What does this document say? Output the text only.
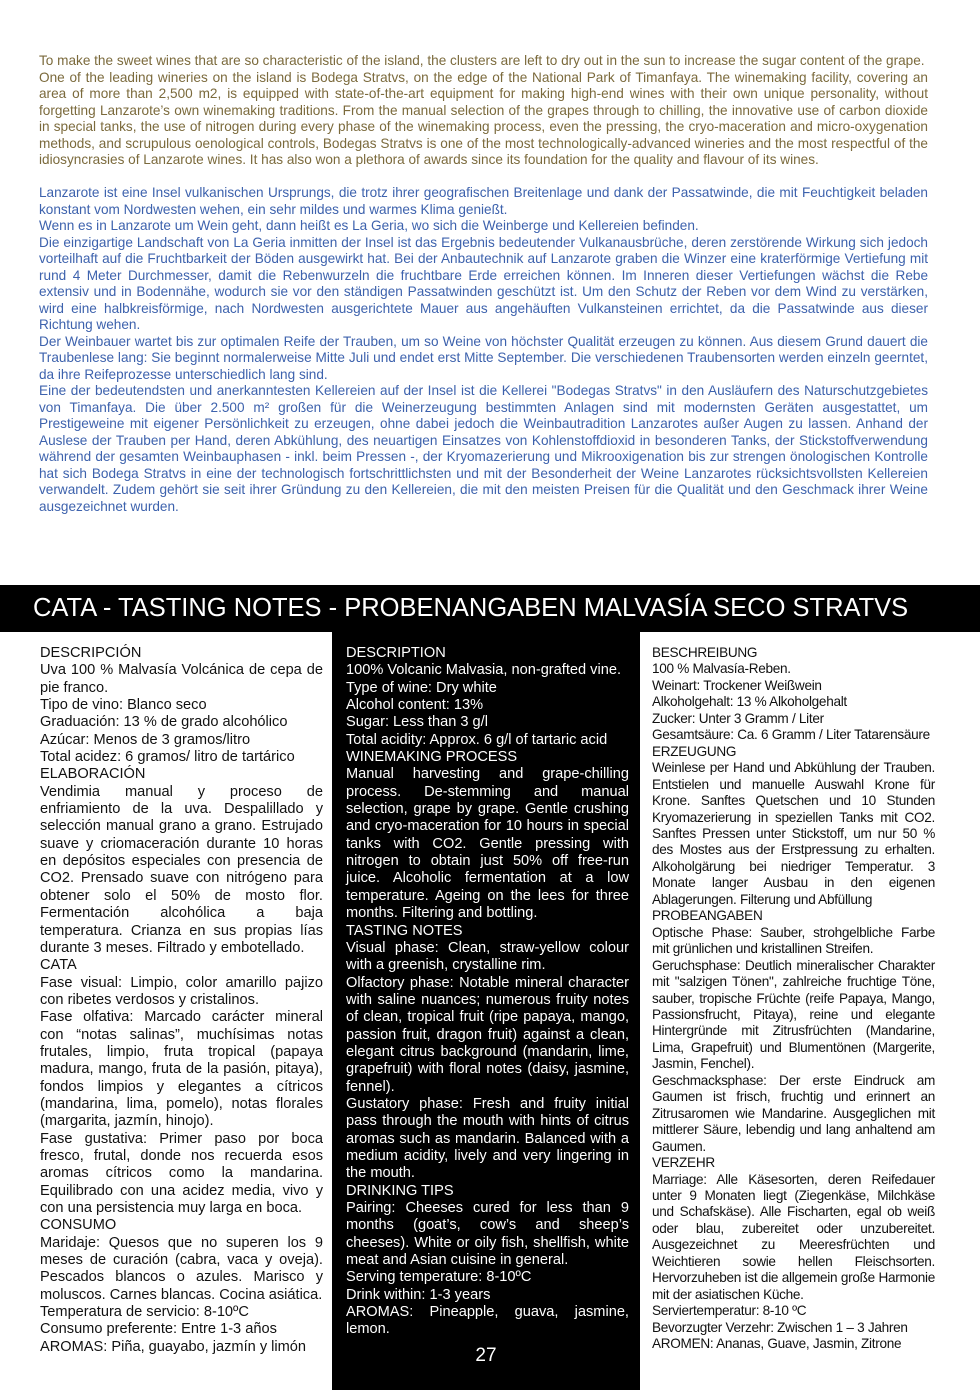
To make the sweet wines that are so characteristic of the island, the clusters are left to dry out in the sun to increase the sugar content of the grape.

One of the leading wineries on the island is Bodega Stratvs, on the edge of the National Park of Timanfaya. The winemaking facility, covering an area of more than 2,500 m2, is equipped with state-of-the-art equipment for making high-end wines with their own unique personality, without forgetting Lanzarote’s own winemaking traditions. From the manual selection of the grapes through to chilling, the innovative use of carbon dioxide in special tanks, the use of nitrogen during every phase of the winemaking process, even the pressing, the cryo-maceration and micro-oxygenation methods, and scrupulous oenological controls, Bodegas Stratvs is one of the most technologically-advanced wineries and the most respectful of the idiosyncrasies of Lanzarote wines. It has also won a plethora of awards since its foundation for the quality and flavour of its wines.

Lanzarote ist eine Insel vulkanischen Ursprungs, die trotz ihrer geografischen Breitenlage und dank der Passatwinde, die mit Feuchtigkeit beladen konstant vom Nordwesten wehen, ein sehr mildes und warmes Klima genießt.

Wenn es in Lanzarote um Wein geht, dann heißt es La Geria, wo sich die Weinberge und Kellereien befinden.

Die einzigartige Landschaft von La Geria inmitten der Insel ist das Ergebnis bedeutender Vulkanausbrüche, deren zerstörende Wirkung sich jedoch vorteilhaft auf die Fruchtbarkeit der Böden ausgewirkt hat. Bei der Anbautechnik auf Lanzarote graben die Winzer eine kraterförmige Vertiefung mit rund 4 Meter Durchmesser, damit die Rebenwurzeln die fruchtbare Erde erreichen können. Im Inneren dieser Vertiefungen wächst die Rebe extensiv und in Bodennähe, wodurch sie vor den ständigen Passatwinden geschützt ist. Um den Schutz der Reben vor dem Wind zu verstärken, wird eine halbkreisförmige, nach Nordwesten ausgerichtete Mauer aus angehäuften Vulkansteinen errichtet, da die Passatwinde aus dieser Richtung wehen.

Der Weinbauer wartet bis zur optimalen Reife der Trauben, um so Weine von höchster Qualität erzeugen zu können. Aus diesem Grund dauert die Traubenlese lang: Sie beginnt normalerweise Mitte Juli und endet erst Mitte September. Die verschiedenen Traubensorten werden einzeln geerntet, da ihre Reifeprozesse unterschiedlich lang sind.

Eine der bedeutendsten und anerkanntesten Kellereien auf der Insel ist die Kellerei "Bodegas Stratvs" in den Ausläufern des Naturschutzgebietes von Timanfaya. Die über 2.500 m² großen für die Weinerzeugung bestimmten Anlagen sind mit modernsten Geräten ausgestattet, um Prestigeweine mit eigener Persönlichkeit zu erzeugen, ohne dabei jedoch die Weinbautradition Lanzarotes außer Augen zu lassen. Anhand der Auslese der Trauben per Hand, deren Abkühlung, des neuartigen Einsatzes von Kohlenstoffdioxid in besonderen Tanks, der Stickstoffverwendung während der gesamten Weinbauphasen - inkl. beim Pressen -, der Kryomazerierung und Mikrooxigenation bis zur strengen önologischen Kontrolle hat sich Bodega Stratvs in eine der technologisch fortschrittlichsten und mit der Besonderheit der Weine Lanzarotes rücksichtsvollsten Kellereien verwandelt. Zudem gehört sie seit ihrer Gründung zu den Kellereien, die mit den meisten Preisen für die Qualität und den Geschmack ihrer Weine ausgezeichnet wurden.

CATA - TASTING NOTES - PROBENANGABEN MALVASÍA SECO STRATVS

DESCRIPCIÓN

Uva 100 % Malvasía Volcánica de cepa de pie franco.

Tipo de vino: Blanco seco

Graduación: 13 % de grado alcohólico

Azúcar: Menos de 3 gramos/litro

Total acidez: 6 gramos/ litro de tartárico

ELABORACIÓN

Vendimia manual y proceso de enfriamiento de la uva. Despalillado y selección manual grano a grano. Estrujado suave y criomaceración durante 10 horas en depósitos especiales con presencia de CO2. Prensado suave con nitrógeno para obtener solo el 50% de mosto flor. Fermentación alcohólica a baja temperatura. Crianza en sus propias lías durante 3 meses. Filtrado y embotellado.

CATA

Fase visual: Limpio, color amarillo pajizo con ribetes verdosos y cristalinos.

Fase olfativa: Marcado carácter mineral con “notas salinas”, muchísimas notas frutales, limpio, fruta tropical (papaya madura, mango, fruta de la pasión, pitaya), fondos limpios y elegantes a cítricos (mandarina, lima, pomelo), notas florales (margarita, jazmín, hinojo).

Fase gustativa: Primer paso por boca fresco, frutal, donde nos recuerda esos aromas cítricos como la mandarina. Equilibrado con una acidez media, vivo y con una persistencia muy larga en boca.

CONSUMO

Maridaje: Quesos que no superen los 9 meses de curación (cabra, vaca y oveja). Pescados blancos o azules. Marisco y moluscos. Carnes blancas. Cocina asiática.

Temperatura de servicio: 8-10ºC

Consumo preferente: Entre 1-3 años

AROMAS: Piña, guayabo, jazmín y limón

DESCRIPTION

100% Volcanic Malvasia, non-grafted vine.

Type of wine: Dry white

Alcohol content: 13%

Sugar: Less than 3 g/l

Total acidity: Approx. 6 g/l of tartaric acid

WINEMAKING PROCESS

Manual harvesting and grape-chilling process. De-stemming and manual selection, grape by grape. Gentle crushing and cryo-maceration for 10 hours in special tanks with CO2. Gentle pressing with nitrogen to obtain just 50% off free-run juice. Alcoholic fermentation at a low temperature. Ageing on the lees for three months. Filtering and bottling.

TASTING NOTES

Visual phase: Clean, straw-yellow colour with a greenish, crystalline rim.

Olfactory phase: Notable mineral character with saline nuances; numerous fruity notes of clean, tropical fruit (ripe papaya, mango, passion fruit, dragon fruit) against a clean, elegant citrus background (mandarin, lime, grapefruit) with floral notes (daisy, jasmine, fennel).

Gustatory phase: Fresh and fruity initial pass through the mouth with hints of citrus aromas such as mandarin. Balanced with a medium acidity, lively and very lingering in the mouth.

DRINKING TIPS

Pairing: Cheeses cured for less than 9 months (goat’s, cow’s and sheep’s cheeses). White or oily fish, shellfish, white meat and Asian cuisine in general.

Serving temperature: 8-10ºC

Drink within: 1-3 years

AROMAS: Pineapple, guava, jasmine, lemon.

BESCHREIBUNG

100 % Malvasía-Reben.

Weinart: Trockener Weißwein

Alkoholgehalt: 13 % Alkoholgehalt

Zucker: Unter 3 Gramm / Liter

Gesamtsäure: Ca. 6 Gramm / Liter Tatarensäure

ERZEUGUNG

Weinlese per Hand und Abkühlung der Trauben. Entstielen und manuelle Auswahl Krone für Krone. Sanftes Quetschen und 10 Stunden Kryomazerierung in speziellen Tanks mit CO2. Sanftes Pressen unter Stickstoff, um nur 50 % des Mostes aus der Erstpressung zu erhalten. Alkoholgärung bei niedriger Temperatur. 3 Monate langer Ausbau in den eigenen Ablagerungen. Filterung und Abfüllung

PROBEANGABEN

Optische Phase: Sauber, strohgelbliche Farbe mit grünlichen und kristallinen Streifen.

Geruchsphase: Deutlich mineralischer Charakter mit "salzigen Tönen", zahlreiche fruchtige Töne, sauber, tropische Früchte (reife Papaya, Mango, Passionsfrucht, Pitaya), reine und elegante Hintergründe mit Zitrusfrüchten (Mandarine, Lima, Grapefruit) und Blumentönen (Margerite, Jasmin, Fenchel).

Geschmacksphase: Der erste Eindruck am Gaumen ist frisch, fruchtig und erinnert an Zitrusaromen wie Mandarine. Ausgeglichen mit mittlerer Säure, lebendig und lang anhaltend am Gaumen.

VERZEHR

Marriage: Alle Käsesorten, deren Reifedauer unter 9 Monaten liegt (Ziegenkäse, Milchkäse und Schafskäse). Alle Fischarten, egal ob weiß oder blau, zubereitet oder unzubereitet. Ausgezeichnet zu Meeresfrüchten und Weichtieren sowie hellen Fleischsorten. Hervorzuheben ist die allgemein große Harmonie mit der asiatischen Küche.

Serviertemperatur: 8-10 ºC

Bevorzugter Verzehr: Zwischen 1 – 3 Jahren

AROMEN: Ananas, Guave, Jasmin, Zitrone

27
